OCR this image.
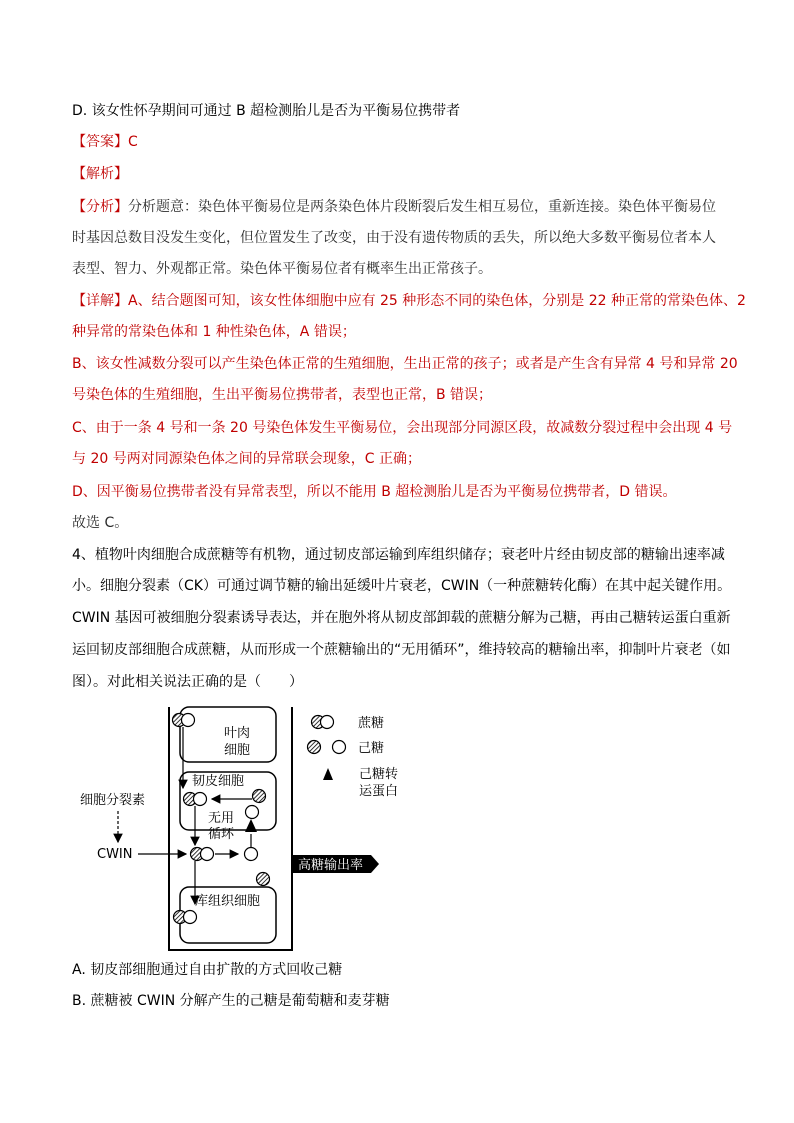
D. 该女性怀孕期间可通过 B 超检测胎儿是否为平衡易位携带者
【答案】C
【解析】
【分析】分析题意：染色体平衡易位是两条染色体片段断裂后发生相互易位，重新连接。染色体平衡易位
时基因总数目没发生变化，但位置发生了改变，由于没有遗传物质的丢失，所以绝大多数平衡易位者本人
表型、智力、外观都正常。染色体平衡易位者有概率生出正常孩子。
【详解】A、结合题图可知，该女性体细胞中应有 25 种形态不同的染色体，分别是 22 种正常的常染色体、2
种异常的常染色体和 1 种性染色体，A 错误；
B、该女性减数分裂可以产生染色体正常的生殖细胞，生出正常的孩子；或者是产生含有异常 4 号和异常 20
号染色体的生殖细胞，生出平衡易位携带者，表型也正常，B 错误；
C、由于一条 4 号和一条 20 号染色体发生平衡易位，会出现部分同源区段，故减数分裂过程中会出现 4 号
与 20 号两对同源染色体之间的异常联会现象，C 正确；
D、因平衡易位携带者没有异常表型，所以不能用 B 超检测胎儿是否为平衡易位携带者，D 错误。
故选 C。
4、植物叶肉细胞合成蔗糖等有机物，通过韧皮部运输到库组织储存；衰老叶片经由韧皮部的糖输出速率减
小。细胞分裂素（CK）可通过调节糖的输出延缓叶片衰老，CWIN（一种蔗糖转化酶）在其中起关键作用。
CWIN 基因可被细胞分裂素诱导表达，并在胞外将从韧皮部卸载的蔗糖分解为己糖，再由己糖转运蛋白重新
运回韧皮部细胞合成蔗糖，从而形成一个蔗糖输出的“无用循环”，维持较高的糖输出率，抑制叶片衰老（如
图）。对此相关说法正确的是（　　）
叶肉
细胞
韧皮细胞
无用
循环
细胞分裂素
CWIN
库组织细胞
高糖输出率
蔗糖
己糖
己糖转
运蛋白
A. 韧皮部细胞通过自由扩散的方式回收己糖
B. 蔗糖被 CWIN 分解产生的己糖是葡萄糖和麦芽糖
